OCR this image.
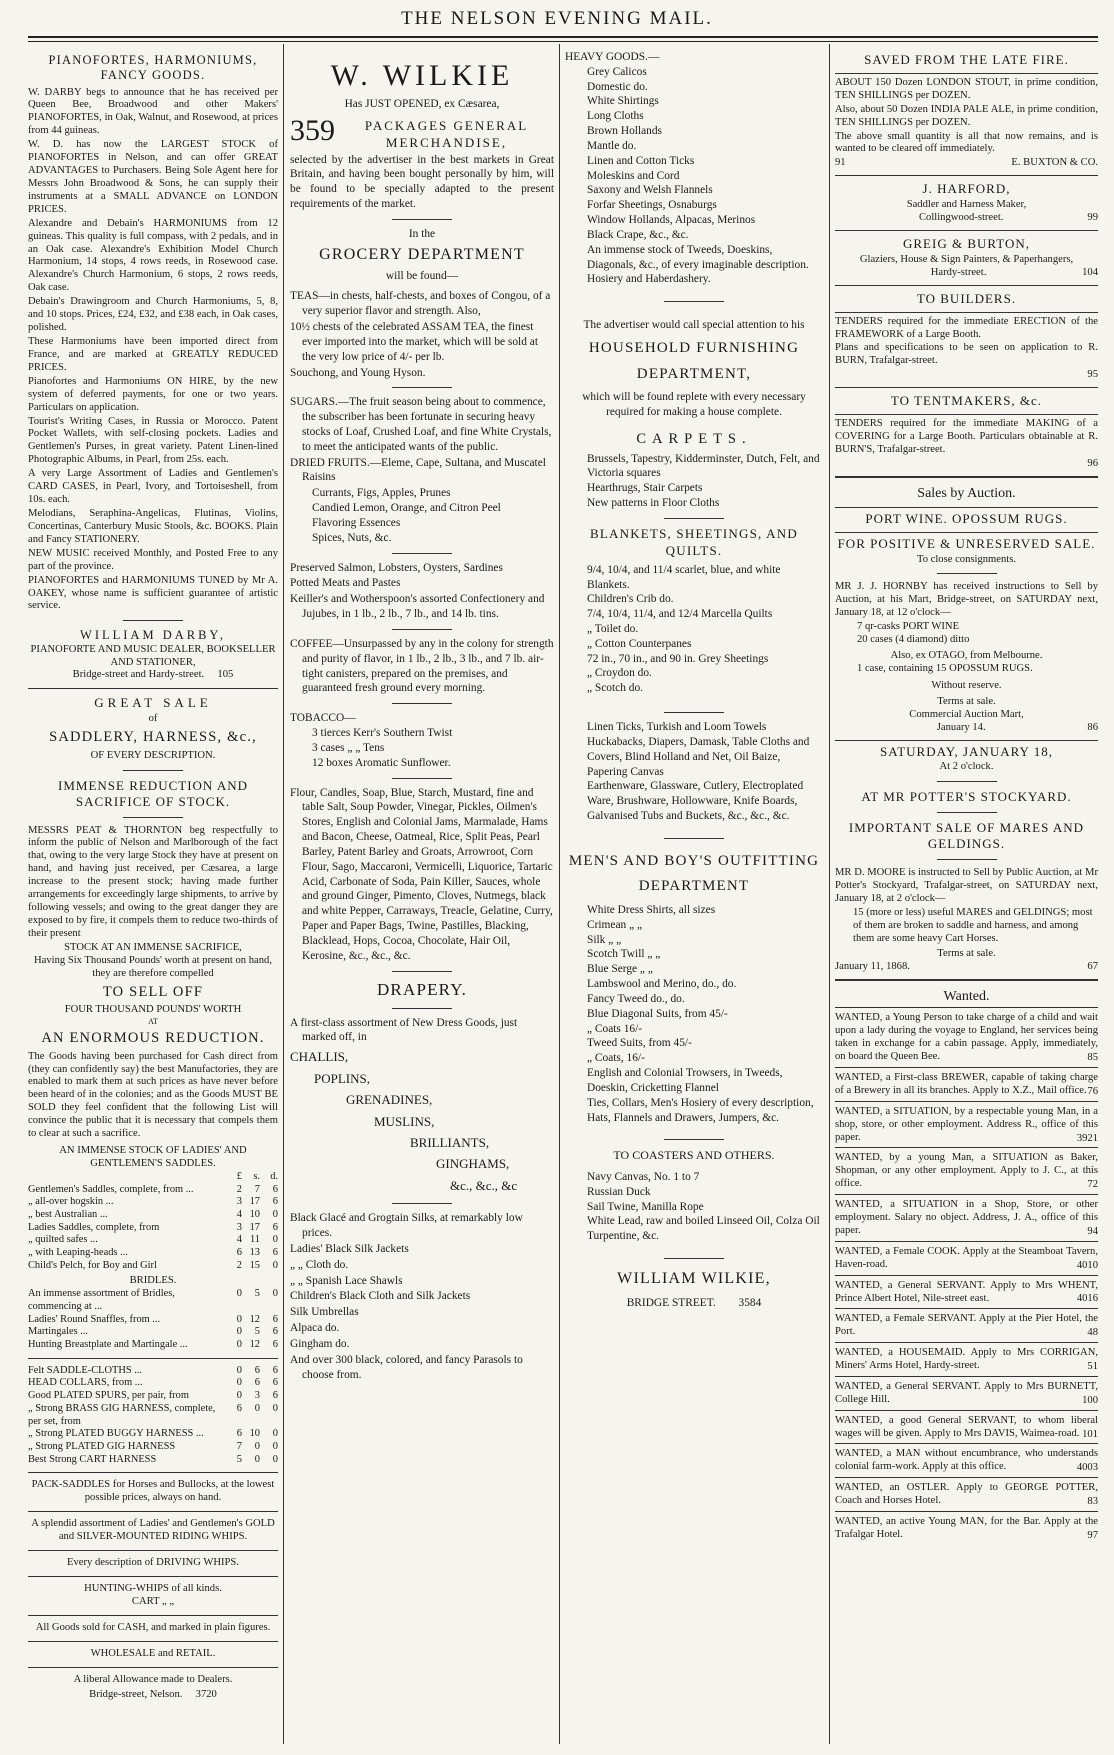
THE NELSON EVENING MAIL.
PIANOFORTES, HARMONIUMS, FANCY GOODS.

W. DARBY begs to announce that he has received per Queen Bee, Broadwood and other Makers' PIANOFORTES, in Oak, Walnut, and Rosewood, at prices from 44 guineas.

W. D. has now the LARGEST STOCK of PIANOFORTES in Nelson, and can offer GREAT ADVANTAGES to Purchasers. Being Sole Agent here for Messrs John Broadwood & Sons, he can supply their instruments at a SMALL ADVANCE on LONDON PRICES.

Alexandre and Debain's HARMONIUMS from 12 guineas. This quality is full compass, with 2 pedals, and in an Oak case. Alexandre's Exhibition Model Church Harmonium, 14 stops, 4 rows reeds, in Rosewood case. Alexandre's Church Harmonium, 6 stops, 2 rows reeds, Oak case.

Debain's Drawingroom and Church Harmoniums, 5, 8, and 10 stops. Prices, £24, £32, and £38 each, in Oak cases, polished.

These Harmoniums have been imported direct from France, and are marked at GREATLY REDUCED PRICES.

Pianofortes and Harmoniums ON HIRE, by the new system of deferred payments, for one or two years. Particulars on application.

Tourist's Writing Cases, in Russia or Morocco. Patent Pocket Wallets, with self-closing pockets. Ladies and Gentlemen's Purses, in great variety. Patent Linen-lined Photographic Albums, in Pearl, from 25s. each.

A very Large Assortment of Ladies and Gentlemen's CARD CASES, in Pearl, Ivory, and Tortoiseshell, from 10s. each.

Melodians, Seraphina-Angelicas, Flutinas, Violins, Concertinas, Canterbury Music Stools, &c. BOOKS. Plain and Fancy STATIONERY.

NEW MUSIC received Monthly, and Posted Free to any part of the province.

PIANOFORTES and HARMONIUMS TUNED by Mr A. OAKEY, whose name is sufficient guarantee of artistic service.

WILLIAM DARBY,
PIANOFORTE AND MUSIC DEALER, BOOKSELLER AND STATIONER,
Bridge-street and Hardy-street. 105
GREAT SALE
of
SADDLERY, HARNESS, &c.,
OF EVERY DESCRIPTION.
IMMENSE REDUCTION AND SACRIFICE OF STOCK.

MESSRS PEAT & THORNTON beg respectfully to inform the public of Nelson and Marlborough of the fact that, owing to the very large Stock they have at present on hand, and having just received, per Cæsarea, a large increase to the present stock; having made further arrangements for exceedingly large shipments, to arrive by following vessels; and owing to the great danger they are exposed to by fire, it compels them to reduce two-thirds of their present

STOCK AT AN IMMENSE SACRIFICE,
Having Six Thousand Pounds' worth at present on hand, they are therefore compelled
TO SELL OFF
FOUR THOUSAND POUNDS' WORTH
AT
AN ENORMOUS REDUCTION.

The Goods having been purchased for Cash direct from (they can confidently say) the best Manufactories, they are enabled to mark them at such prices as have never before been heard of in the colonies; and as the Goods MUST BE SOLD they feel confident that the following List will convince the public that it is necessary that compels them to clear at such a sacrifice.

AN IMMENSE STOCK OF LADIES' AND GENTLEMEN'S SADDLES.
	£	s.	d.
Gentlemen's Saddles, complete, from ...	2	7	6
„ all-over hogskin ...	3	17	6
„ best Australian ...	4	10	0
Ladies Saddles, complete, from	3	17	6
„ quilted safes ...	4	11	0
„ with Leaping-heads ...	6	13	6
Child's Pelch, for Boy and Girl	2	15	0
BRIDLES.
An immense assortment of Bridles, commencing at ...	0	5	0
Ladies' Round Snaffles, from ...	0	12	6
Martingales ...	0	5	6
Hunting Breastplate and Martingale ...	0	12	6
Felt SADDLE-CLOTHS ...	0	6	6
HEAD COLLARS, from ...	0	6	6
Good PLATED SPURS, per pair, from	0	3	6
„ Strong BRASS GIG HARNESS, complete, per set, from	6	0	0
„ Strong PLATED BUGGY HARNESS ...	6	10	0
„ Strong PLATED GIG HARNESS	7	0	0
Best Strong CART HARNESS	5	0	0
PACK-SADDLES for Horses and Bullocks, at the lowest possible prices, always on hand.
A splendid assortment of Ladies' and Gentlemen's GOLD and SILVER-MOUNTED RIDING WHIPS.
Every description of DRIVING WHIPS.
HUNTING-WHIPS of all kinds.
CART „ „
All Goods sold for CASH, and marked in plain figures.
WHOLESALE and RETAIL.
A liberal Allowance made to Dealers.
Bridge-street, Nelson. 3720
W. WILKIE
Has JUST OPENED, ex Cæsarea,
359	PACKAGES GENERAL MERCHANDISE,

selected by the advertiser in the best markets in Great Britain, and having been bought personally by him, will be found to be specially adapted to the present requirements of the market.

In the
GROCERY DEPARTMENT
will be found—

TEAS—in chests, half-chests, and boxes of Congou, of a very superior flavor and strength. Also,

10½ chests of the celebrated ASSAM TEA, the finest ever imported into the market, which will be sold at the very low price of 4/- per lb.

Souchong, and Young Hyson.

SUGARS.—The fruit season being about to commence, the subscriber has been fortunate in securing heavy stocks of Loaf, Crushed Loaf, and fine White Crystals, to meet the anticipated wants of the public.

DRIED FRUITS.—Eleme, Cape, Sultana, and Muscatel Raisins

Currants, Figs, Apples, Prunes
Candied Lemon, Orange, and Citron Peel
Flavoring Essences
Spices, Nuts, &c.
Preserved Salmon, Lobsters, Oysters, Sardines
Potted Meats and Pastes
Keiller's and Wotherspoon's assorted Confectionery and Jujubes, in 1 lb., 2 lb., 7 lb., and 14 lb. tins.

COFFEE—Unsurpassed by any in the colony for strength and purity of flavor, in 1 lb., 2 lb., 3 lb., and 7 lb. air-tight canisters, prepared on the premises, and guaranteed fresh ground every morning.

TOBACCO—
3 tierces Kerr's Southern Twist
3 cases „ „ Tens
12 boxes Aromatic Sunflower.

Flour, Candles, Soap, Blue, Starch, Mustard, fine and table Salt, Soup Powder, Vinegar, Pickles, Oilmen's Stores, English and Colonial Jams, Marmalade, Hams and Bacon, Cheese, Oatmeal, Rice, Split Peas, Pearl Barley, Patent Barley and Groats, Arrowroot, Corn Flour, Sago, Maccaroni, Vermicelli, Liquorice, Tartaric Acid, Carbonate of Soda, Pain Killer, Sauces, whole and ground Ginger, Pimento, Cloves, Nutmegs, black and white Pepper, Carraways, Treacle, Gelatine, Curry, Paper and Paper Bags, Twine, Pastilles, Blacking, Blacklead, Hops, Cocoa, Chocolate, Hair Oil, Kerosine, &c., &c., &c.

DRAPERY.

A first-class assortment of New Dress Goods, just marked off, in

CHALLIS,
POPLINS,
GRENADINES,
MUSLINS,
BRILLIANTS,
GINGHAMS,
&c., &c., &c
Black Glacé and Grogtain Silks, at remarkably low prices.
Ladies' Black Silk Jackets
„ „ Cloth do.
„ „ Spanish Lace Shawls
Children's Black Cloth and Silk Jackets
Silk Umbrellas
Alpaca do.
Gingham do.
And over 300 black, colored, and fancy Parasols to choose from.
HEAVY GOODS.—
Grey Calicos
Domestic do.
White Shirtings
Long Cloths
Brown Hollands
Mantle do.
Linen and Cotton Ticks
Moleskins and Cord
Saxony and Welsh Flannels
Forfar Sheetings, Osnaburgs
Window Hollands, Alpacas, Merinos
Black Crape, &c., &c.
An immense stock of Tweeds, Doeskins, Diagonals, &c., of every imaginable description.
Hosiery and Haberdashery.
The advertiser would call special attention to his
HOUSEHOLD FURNISHING DEPARTMENT,
which will be found replete with every necessary required for making a house complete.
CARPETS.
Brussels, Tapestry, Kidderminster, Dutch, Felt, and Victoria squares
Hearthrugs, Stair Carpets
New patterns in Floor Cloths
BLANKETS, SHEETINGS, AND QUILTS.
9/4, 10/4, and 11/4 scarlet, blue, and white Blankets.
Children's Crib do.
7/4, 10/4, 11/4, and 12/4 Marcella Quilts
„ Toilet do.
„ Cotton Counterpanes
72 in., 70 in., and 90 in. Grey Sheetings
„ Croydon do.
„ Scotch do.
Linen Ticks, Turkish and Loom Towels
Huckabacks, Diapers, Damask, Table Cloths and Covers, Blind Holland and Net, Oil Baize, Papering Canvas
Earthenware, Glassware, Cutlery, Electroplated Ware, Brushware, Hollowware, Knife Boards, Galvanised Tubs and Buckets, &c., &c., &c.
MEN'S AND BOY'S OUTFITTING DEPARTMENT
White Dress Shirts, all sizes
Crimean „ „
Silk „ „
Scotch Twill „ „
Blue Serge „ „
Lambswool and Merino, do., do.
Fancy Tweed do., do.
Blue Diagonal Suits, from 45/-
„ Coats 16/-
Tweed Suits, from 45/-
„ Coats, 16/-
English and Colonial Trowsers, in Tweeds, Doeskin, Cricketting Flannel
Ties, Collars, Men's Hosiery of every description, Hats, Flannels and Drawers, Jumpers, &c.
TO COASTERS AND OTHERS.
Navy Canvas, No. 1 to 7
Russian Duck
Sail Twine, Manilla Rope
White Lead, raw and boiled Linseed Oil, Colza Oil
Turpentine, &c.
WILLIAM WILKIE,
BRIDGE STREET. 3584
SAVED FROM THE LATE FIRE.

ABOUT 150 Dozen LONDON STOUT, in prime condition, TEN SHILLINGS per DOZEN.

Also, about 50 Dozen INDIA PALE ALE, in prime condition, TEN SHILLINGS per DOZEN.

The above small quantity is all that now remains, and is wanted to be cleared off immediately.

91	E. BUXTON & CO.
J. HARFORD,
Saddler and Harness Maker,
Collingwood-street.	99
GREIG & BURTON,
Glaziers, House & Sign Painters, & Paperhangers,
Hardy-street.	104
TO BUILDERS.

TENDERS required for the immediate ERECTION of the FRAMEWORK of a Large Booth.

Plans and specifications to be seen on application to R. BURN, Trafalgar-street.

95
TO TENTMAKERS, &c.

TENDERS required for the immediate MAKING of a COVERING for a Large Booth. Particulars obtainable at R. BURN'S, Trafalgar-street.

96
Sales by Auction.
PORT WINE. OPOSSUM RUGS.
FOR POSITIVE & UNRESERVED SALE.
To close consignments.

MR J. J. HORNBY has received instructions to Sell by Auction, at his Mart, Bridge-street, on SATURDAY next, January 18, at 12 o'clock—

7 qr-casks PORT WINE
20 cases (4 diamond) ditto
Also, ex OTAGO, from Melbourne.
1 case, containing 15 OPOSSUM RUGS.
Without reserve.
Terms at sale.
Commercial Auction Mart,
January 14.	86
SATURDAY, JANUARY 18,
At 2 o'clock.
AT MR POTTER'S STOCKYARD.
IMPORTANT SALE OF MARES AND GELDINGS.

MR D. MOORE is instructed to Sell by Public Auction, at Mr Potter's Stockyard, Trafalgar-street, on SATURDAY next, January 18, at 2 o'clock—

15 (more or less) useful MARES and GELDINGS; most of them are broken to saddle and harness, and among them are some heavy Cart Horses.

Terms at sale.
January 11, 1868.	67
Wanted.
WANTED, a Young Person to take charge of a child and wait upon a lady during the voyage to England, her services being taken in exchange for a cabin passage. Apply, immediately, on board the Queen Bee.	85
WANTED, a First-class BREWER, capable of taking charge of a Brewery in all its branches. Apply to X.Z., Mail office. 76
WANTED, a SITUATION, by a respectable young Man, in a shop, store, or other employment. Address R., office of this paper.	3921
WANTED, by a young Man, a SITUATION as Baker, Shopman, or any other employment. Apply to J. C., at this office.	72
WANTED, a SITUATION in a Shop, Store, or other employment. Salary no object. Address, J. A., office of this paper.	94
WANTED, a Female COOK. Apply at the Steamboat Tavern, Haven-road.	4010
WANTED, a General SERVANT. Apply to Mrs WHENT, Prince Albert Hotel, Nile-street east.	4016
WANTED, a Female SERVANT. Apply at the Pier Hotel, the Port.	48
WANTED, a HOUSEMAID. Apply to Mrs CORRIGAN, Miners' Arms Hotel, Hardy-street.	51
WANTED, a General SERVANT. Apply to Mrs BURNETT, College Hill.	100
WANTED, a good General SERVANT, to whom liberal wages will be given. Apply to Mrs DAVIS, Waimea-road. 101
WANTED, a MAN without encumbrance, who understands colonial farm-work. Apply at this office.	4003
WANTED, an OSTLER. Apply to GEORGE POTTER, Coach and Horses Hotel.	83
WANTED, an active Young MAN, for the Bar. Apply at the Trafalgar Hotel.	97
